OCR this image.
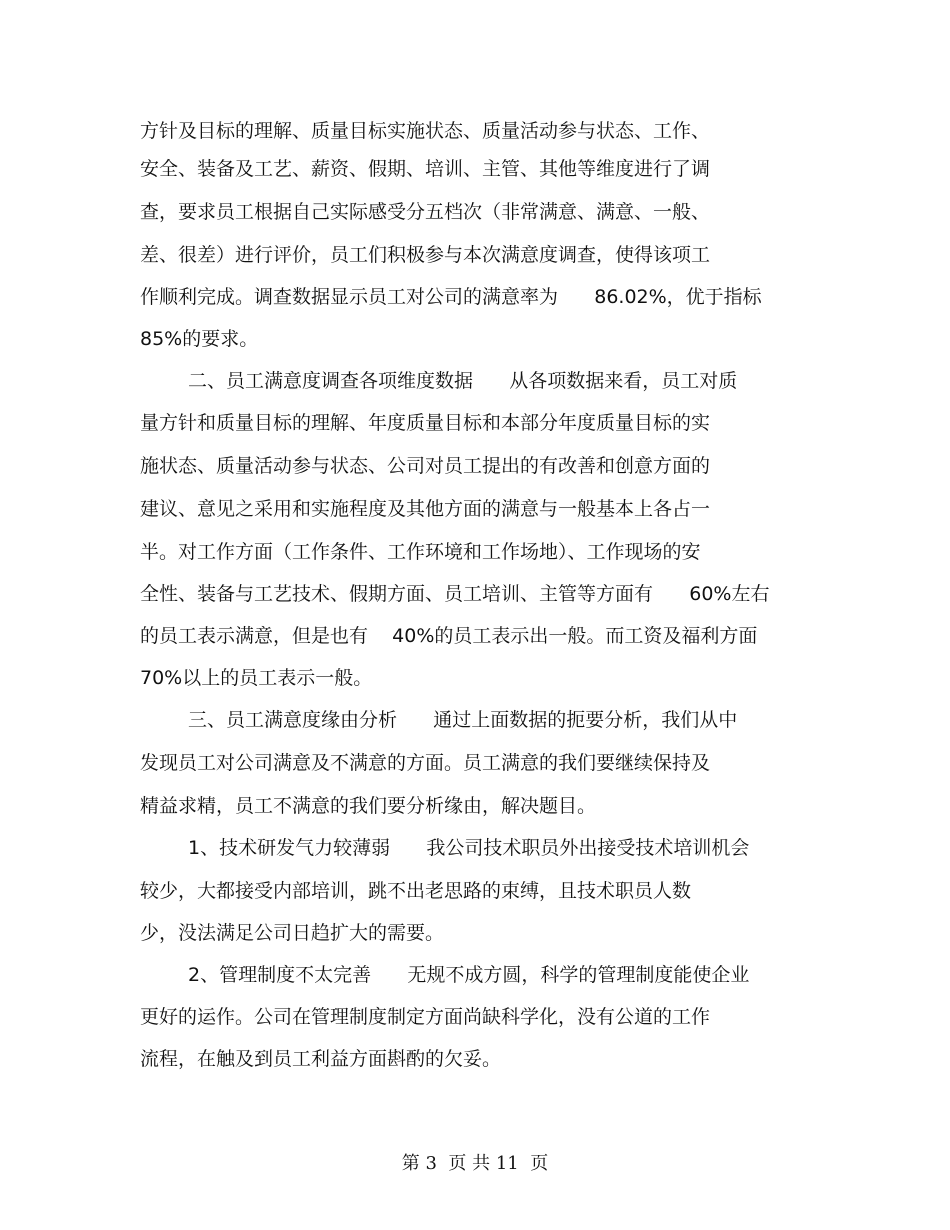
方针及目标的理解、质量目标实施状态、质量活动参与状态、工作、
安全、装备及工艺、薪资、假期、培训、主管、其他等维度进行了调
查，要求员工根据自己实际感受分五档次（非常满意、满意、一般、
差、很差）进行评价，员工们积极参与本次满意度调查，使得该项工
作顺利完成。调查数据显示员工对公司的满意率为      86.02%，优于指标
85%的要求。
二、员工满意度调查各项维度数据      从各项数据来看，员工对质
量方针和质量目标的理解、年度质量目标和本部分年度质量目标的实
施状态、质量活动参与状态、公司对员工提出的有改善和创意方面的
建议、意见之采用和实施程度及其他方面的满意与一般基本上各占一
半。对工作方面（工作条件、工作环境和工作场地）、工作现场的安
全性、装备与工艺技术、假期方面、员工培训、主管等方面有      60%左右
的员工表示满意，但是也有    40%的员工表示出一般。而工资及福利方面
70%以上的员工表示一般。
三、员工满意度缘由分析      通过上面数据的扼要分析，我们从中
发现员工对公司满意及不满意的方面。员工满意的我们要继续保持及
精益求精，员工不满意的我们要分析缘由，解决题目。
1、技术研发气力较薄弱      我公司技术职员外出接受技术培训机会
较少，大都接受内部培训，跳不出老思路的束缚，且技术职员人数
少，没法满足公司日趋扩大的需要。
2、管理制度不太完善      无规不成方圆，科学的管理制度能使企业
更好的运作。公司在管理制度制定方面尚缺科学化，没有公道的工作
流程，在触及到员工利益方面斟酌的欠妥。
第 3  页 共 11  页
